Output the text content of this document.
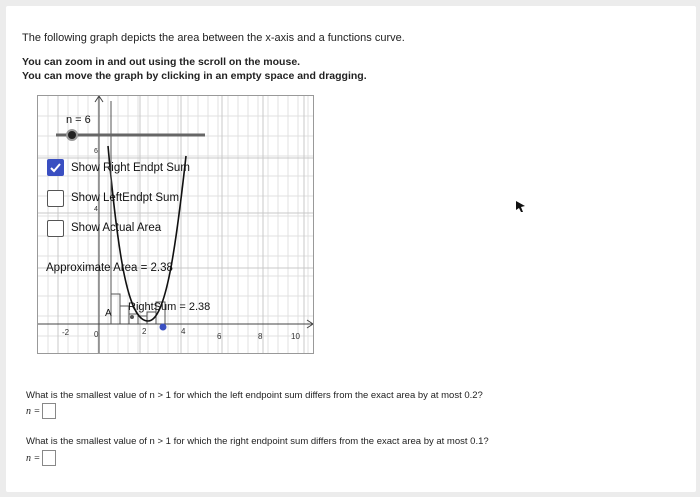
The following graph depicts the area between the x-axis and a functions curve.
You can zoom in and out using the scroll on the mouse.
You can move the graph by clicking in an empty space and dragging.
-2	0	2	4
6	8	10
6
4
n = 6
Show Right Endpt Sum
Show LeftEndpt Sum
Show Actual Area
Approximate Area = 2.38
A
RightSum = 2.38
What is the smallest value of n > 1 for which the left endpoint sum differs from the exact area by at most 0.2?
n =
What is the smallest value of n > 1 for which the right endpoint sum differs from the exact area by at most 0.1?
n =
